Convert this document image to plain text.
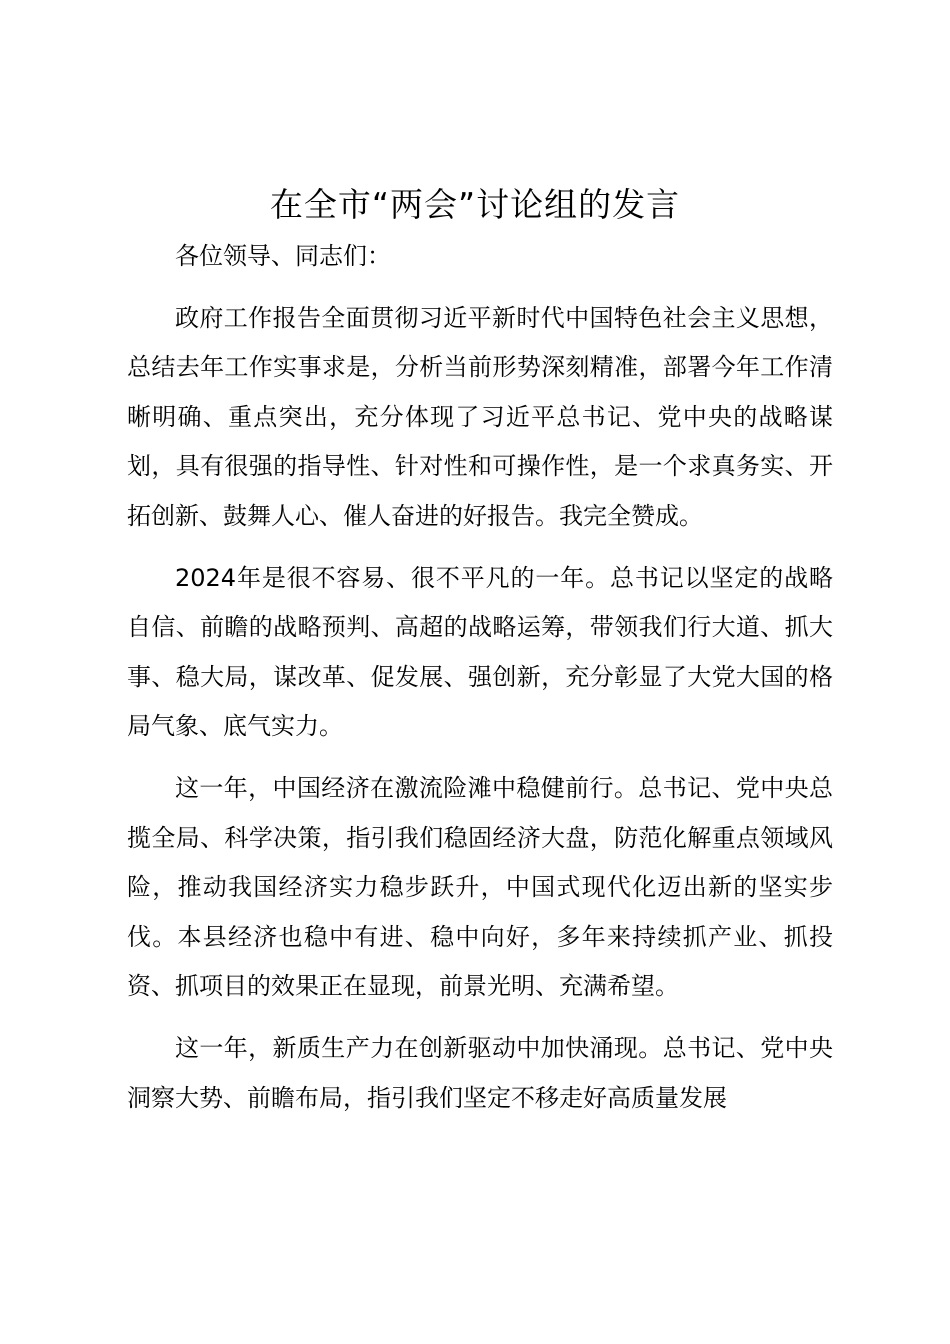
在全市“两会”讨论组的发言

各位领导、同志们：

政府工作报告全面贯彻习近平新时代中国特色社会主义思想，总结去年工作实事求是，分析当前形势深刻精准，部署今年工作清晰明确、重点突出，充分体现了习近平总书记、党中央的战略谋划，具有很强的指导性、针对性和可操作性，是一个求真务实、开拓创新、鼓舞人心、催人奋进的好报告。我完全赞成。

2024年是很不容易、很不平凡的一年。总书记以坚定的战略自信、前瞻的战略预判、高超的战略运筹，带领我们行大道、抓大事、稳大局，谋改革、促发展、强创新，充分彰显了大党大国的格局气象、底气实力。

这一年，中国经济在激流险滩中稳健前行。总书记、党中央总揽全局、科学决策，指引我们稳固经济大盘，防范化解重点领域风险，推动我国经济实力稳步跃升，中国式现代化迈出新的坚实步伐。本县经济也稳中有进、稳中向好，多年来持续抓产业、抓投资、抓项目的效果正在显现，前景光明、充满希望。

这一年，新质生产力在创新驱动中加快涌现。总书记、党中央洞察大势、前瞻布局，指引我们坚定不移走好高质量发展
